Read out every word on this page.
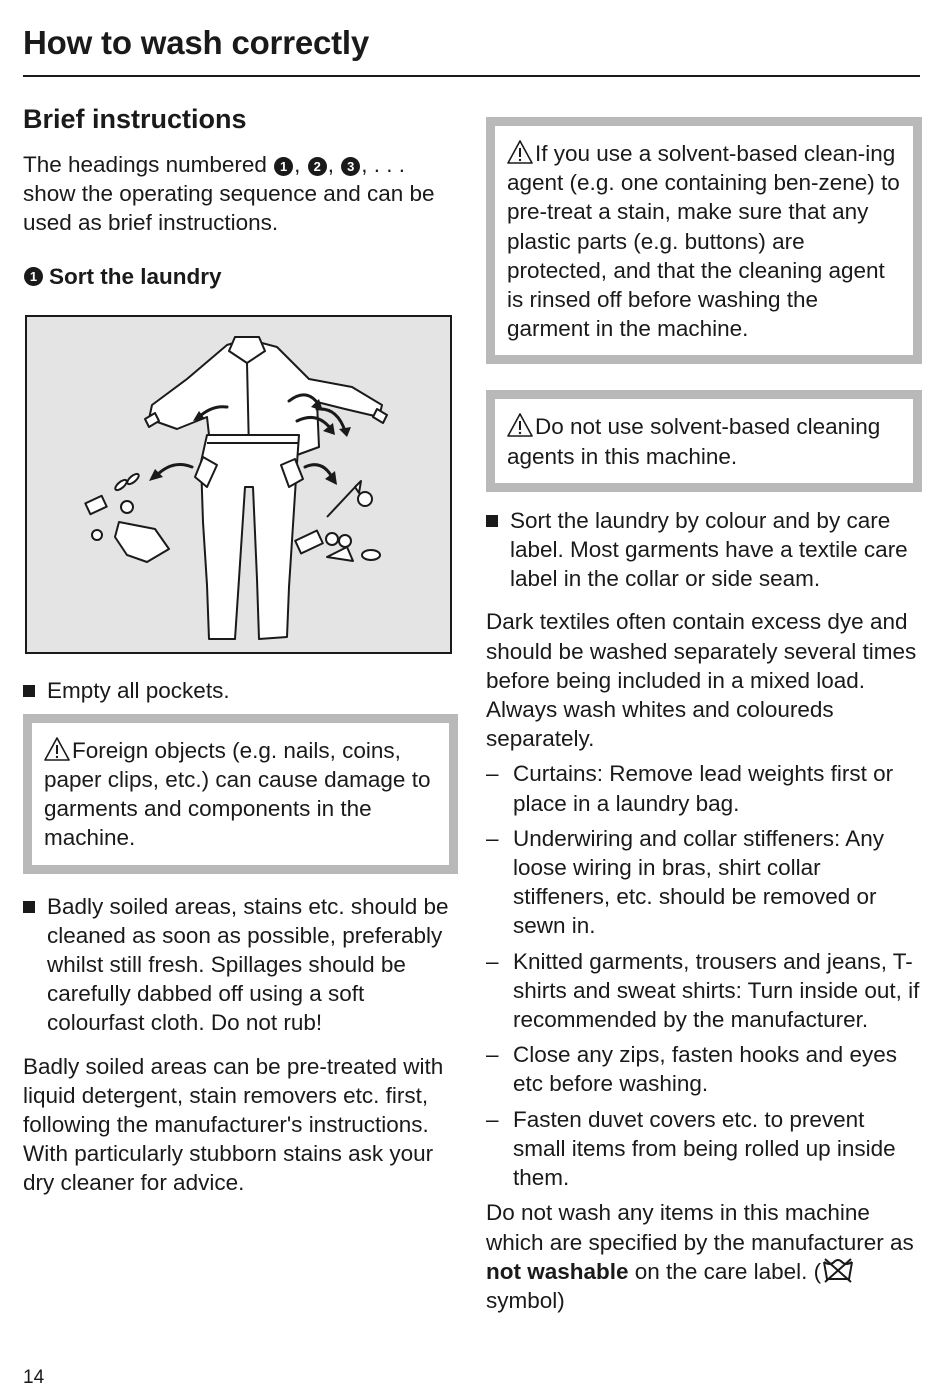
How to wash correctly
Brief instructions

The headings numbered 1 , 2 , 3 , . . . show the operating sequence and can be used as brief instructions.

1 Sort the laundry

Empty all pockets.

Foreign objects (e.g. nails, coins, paper clips, etc.) can cause damage to garments and components in the machine.

Badly soiled areas, stains etc. should be cleaned as soon as possible, preferably whilst still fresh. Spillages should be carefully dabbed off using a soft colourfast cloth. Do not rub!

Badly soiled areas can be pre-treated with liquid detergent, stain removers etc. first, following the manufacturer's instructions. With particularly stubborn stains ask your dry cleaner for advice.

If you use a solvent-based clean-ing agent (e.g. one containing ben-zene) to pre-treat a stain, make sure that any plastic parts (e.g. buttons) are protected, and that the cleaning agent is rinsed off before washing the garment in the machine.
Do not use solvent-based cleaning agents in this machine.

Sort the laundry by colour and by care label. Most garments have a textile care label in the collar or side seam.

Dark textiles often contain excess dye and should be washed separately several times before being included in a mixed load. Always wash whites and coloureds separately.

– Curtains: Remove lead weights first or place in a laundry bag.

– Underwiring and collar stiffeners: Any loose wiring in bras, shirt collar stiffeners, etc. should be removed or sewn in.

– Knitted garments, trousers and jeans, T-shirts and sweat shirts: Turn inside out, if recommended by the manufacturer.

– Close any zips, fasten hooks and eyes etc before washing.

– Fasten duvet covers etc. to prevent small items from being rolled up inside them.

Do not wash any items in this machine which are specified by the manufacturer as not washable on the care label. ( symbol)

14
